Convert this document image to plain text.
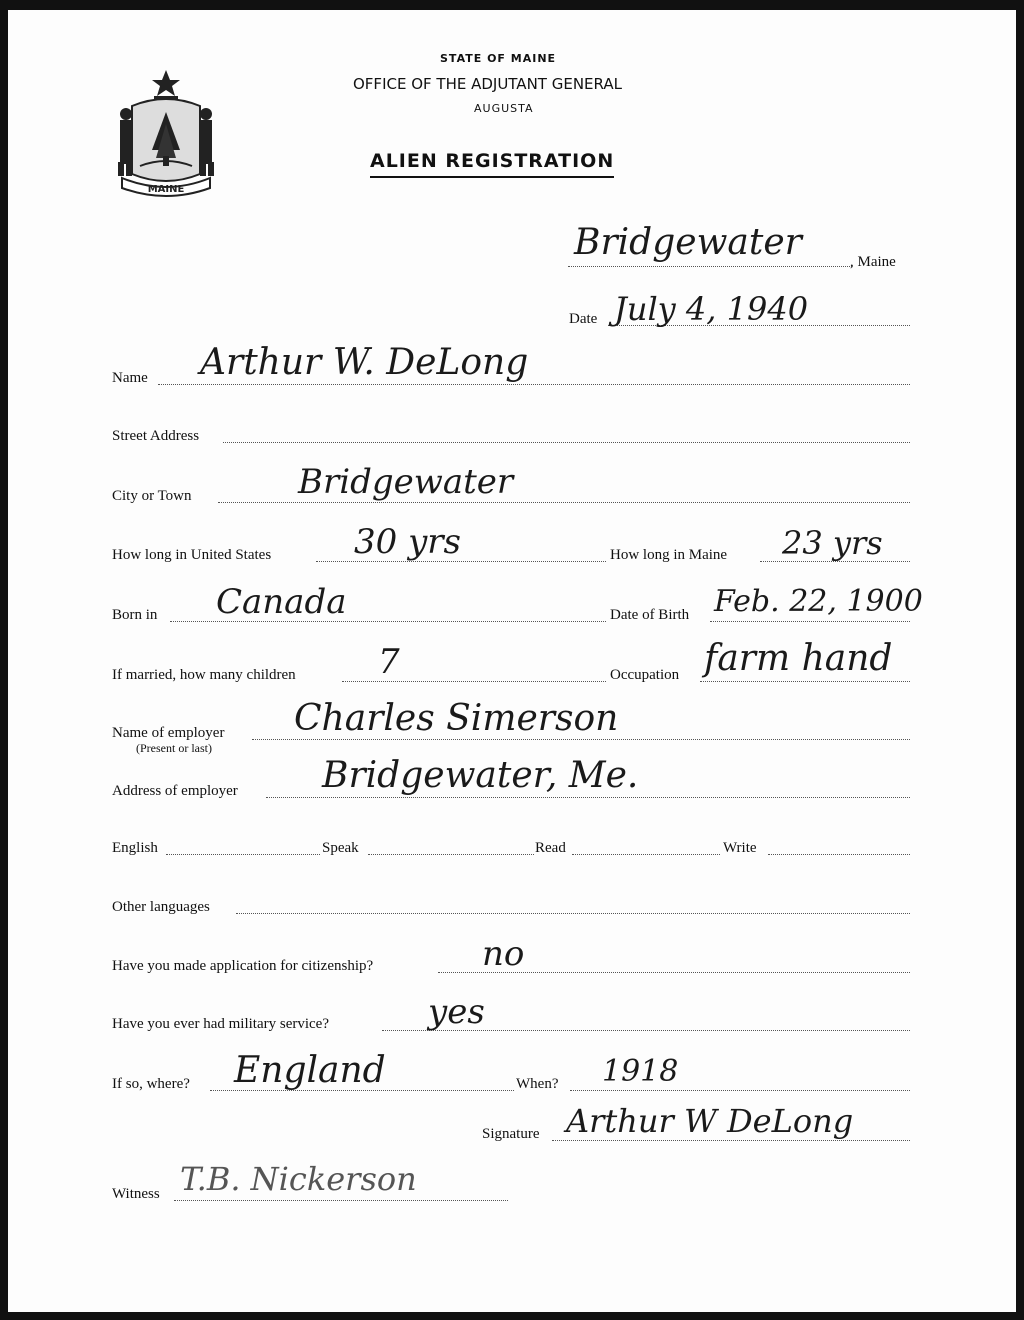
MAINE
STATE OF MAINE
OFFICE OF THE ADJUTANT GENERAL
AUGUSTA
ALIEN REGISTRATION
Bridgewater	, Maine
Date July 4, 1940
Name Arthur W. DeLong
Street Address
City or Town	Bridgewater
How long in United States 30 yrs	How long in Maine 23 yrs
Born in Canada	Date of Birth Feb. 22, 1900
If married, how many children 7	Occupation farm hand
Name of employer
(Present or last)
Charles Simerson
Address of employer Bridgewater, Me.
English	Speak	Read	Write
Other languages
Have you made application for citizenship?	no
Have you ever had military service?	yes
If so, where? England	When? 1918
Signature Arthur W DeLong
Witness T.B. Nickerson
